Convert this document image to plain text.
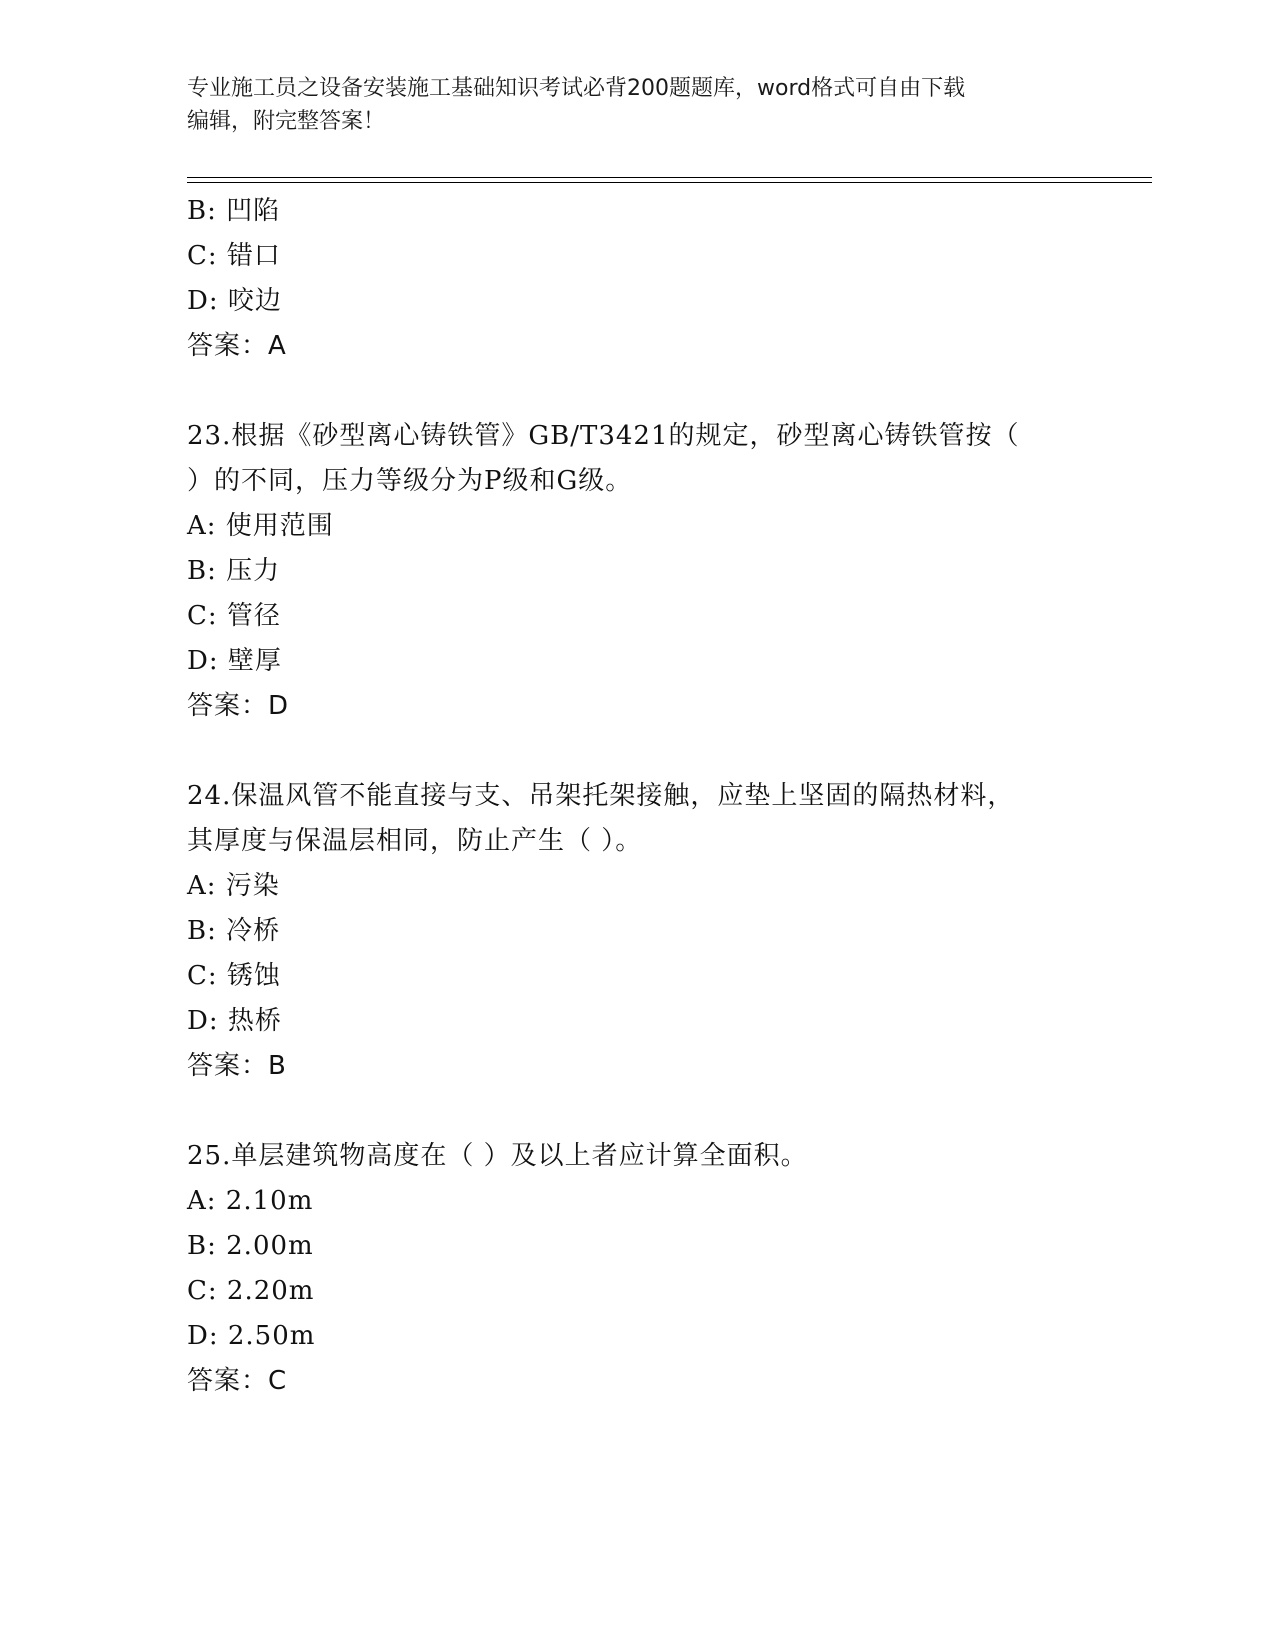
专业施工员之设备安装施工基础知识考试必背200题题库，word格式可自由下载
编辑，附完整答案！
B: 凹陷
C: 错口
D: 咬边
答案：A
23.根据《砂型离心铸铁管》GB/T3421的规定，砂型离心铸铁管按（
）的不同，压力等级分为P级和G级。
A: 使用范围
B: 压力
C: 管径
D: 壁厚
答案：D
24.保温风管不能直接与支、吊架托架接触，应垫上坚固的隔热材料，
其厚度与保温层相同，防止产生（ ）。
A: 污染
B: 冷桥
C: 锈蚀
D: 热桥
答案：B
25.单层建筑物高度在（ ）及以上者应计算全面积。
A: 2.10m
B: 2.00m
C: 2.20m
D: 2.50m
答案：C
